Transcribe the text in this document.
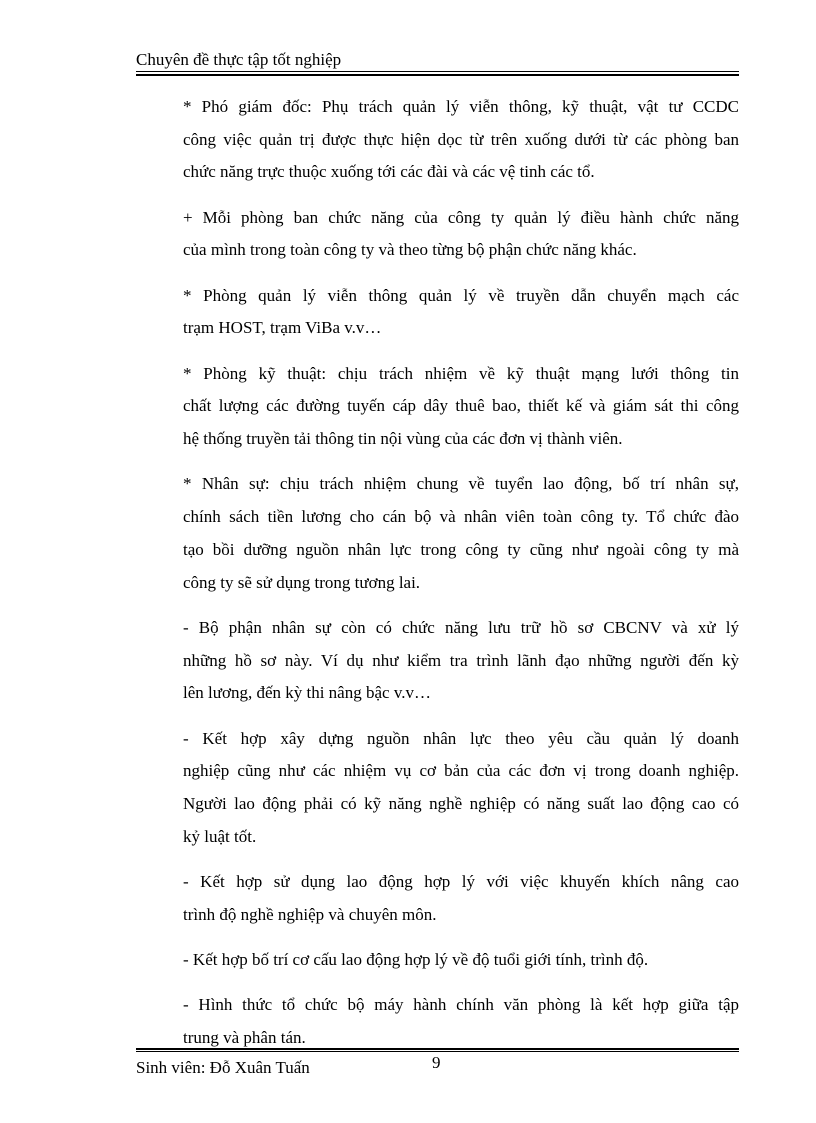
Chuyên đề thực tập tốt nghiệp

* Phó giám đốc: Phụ trách quản lý viễn thông, kỹ thuật, vật tư CCDC
công việc quản trị được thực hiện dọc từ trên xuống dưới từ các phòng ban
chức năng trực thuộc xuống tới các đài và các vệ tinh các tổ.

+ Mỗi phòng ban chức năng của công ty quản lý điều hành chức năng
của mình trong toàn công ty và theo từng bộ phận chức năng khác.

* Phòng quản lý viễn thông quản lý về truyền dẫn chuyển mạch các
trạm HOST, trạm ViBa v.v…

* Phòng kỹ thuật: chịu trách nhiệm về kỹ thuật mạng lưới thông tin
chất lượng các đường tuyến cáp dây thuê bao, thiết kế và giám sát thi công
hệ thống truyền tải thông tin nội vùng của các đơn vị thành viên.

* Nhân sự: chịu trách nhiệm chung về tuyển lao động, bố trí nhân sự,
chính sách tiền lương cho cán bộ và nhân viên toàn công ty. Tổ chức đào
tạo bồi dưỡng nguồn nhân lực trong công ty cũng như ngoài công ty mà
công ty sẽ sử dụng trong tương lai.

- Bộ phận nhân sự còn có chức năng lưu trữ hồ sơ CBCNV và xử lý
những hồ sơ này. Ví dụ như kiểm tra trình lãnh đạo những người đến kỳ
lên lương, đến kỳ thi nâng bậc v.v…

- Kết hợp xây dựng nguồn nhân lực theo yêu cầu quản lý doanh
nghiệp cũng như các nhiệm vụ cơ bản của các đơn vị trong doanh nghiệp.
Người lao động phải có kỹ năng nghề nghiệp có năng suất lao động cao có
kỷ luật tốt.

- Kết hợp sử dụng lao động hợp lý với việc khuyến khích nâng cao
trình độ nghề nghiệp và chuyên môn.

- Kết hợp bố trí cơ cấu lao động hợp lý về độ tuổi giới tính, trình độ.

- Hình thức tổ chức bộ máy hành chính văn phòng là kết hợp giữa tập
trung và phân tán.

Sinh viên: Đỗ Xuân Tuấn	9
